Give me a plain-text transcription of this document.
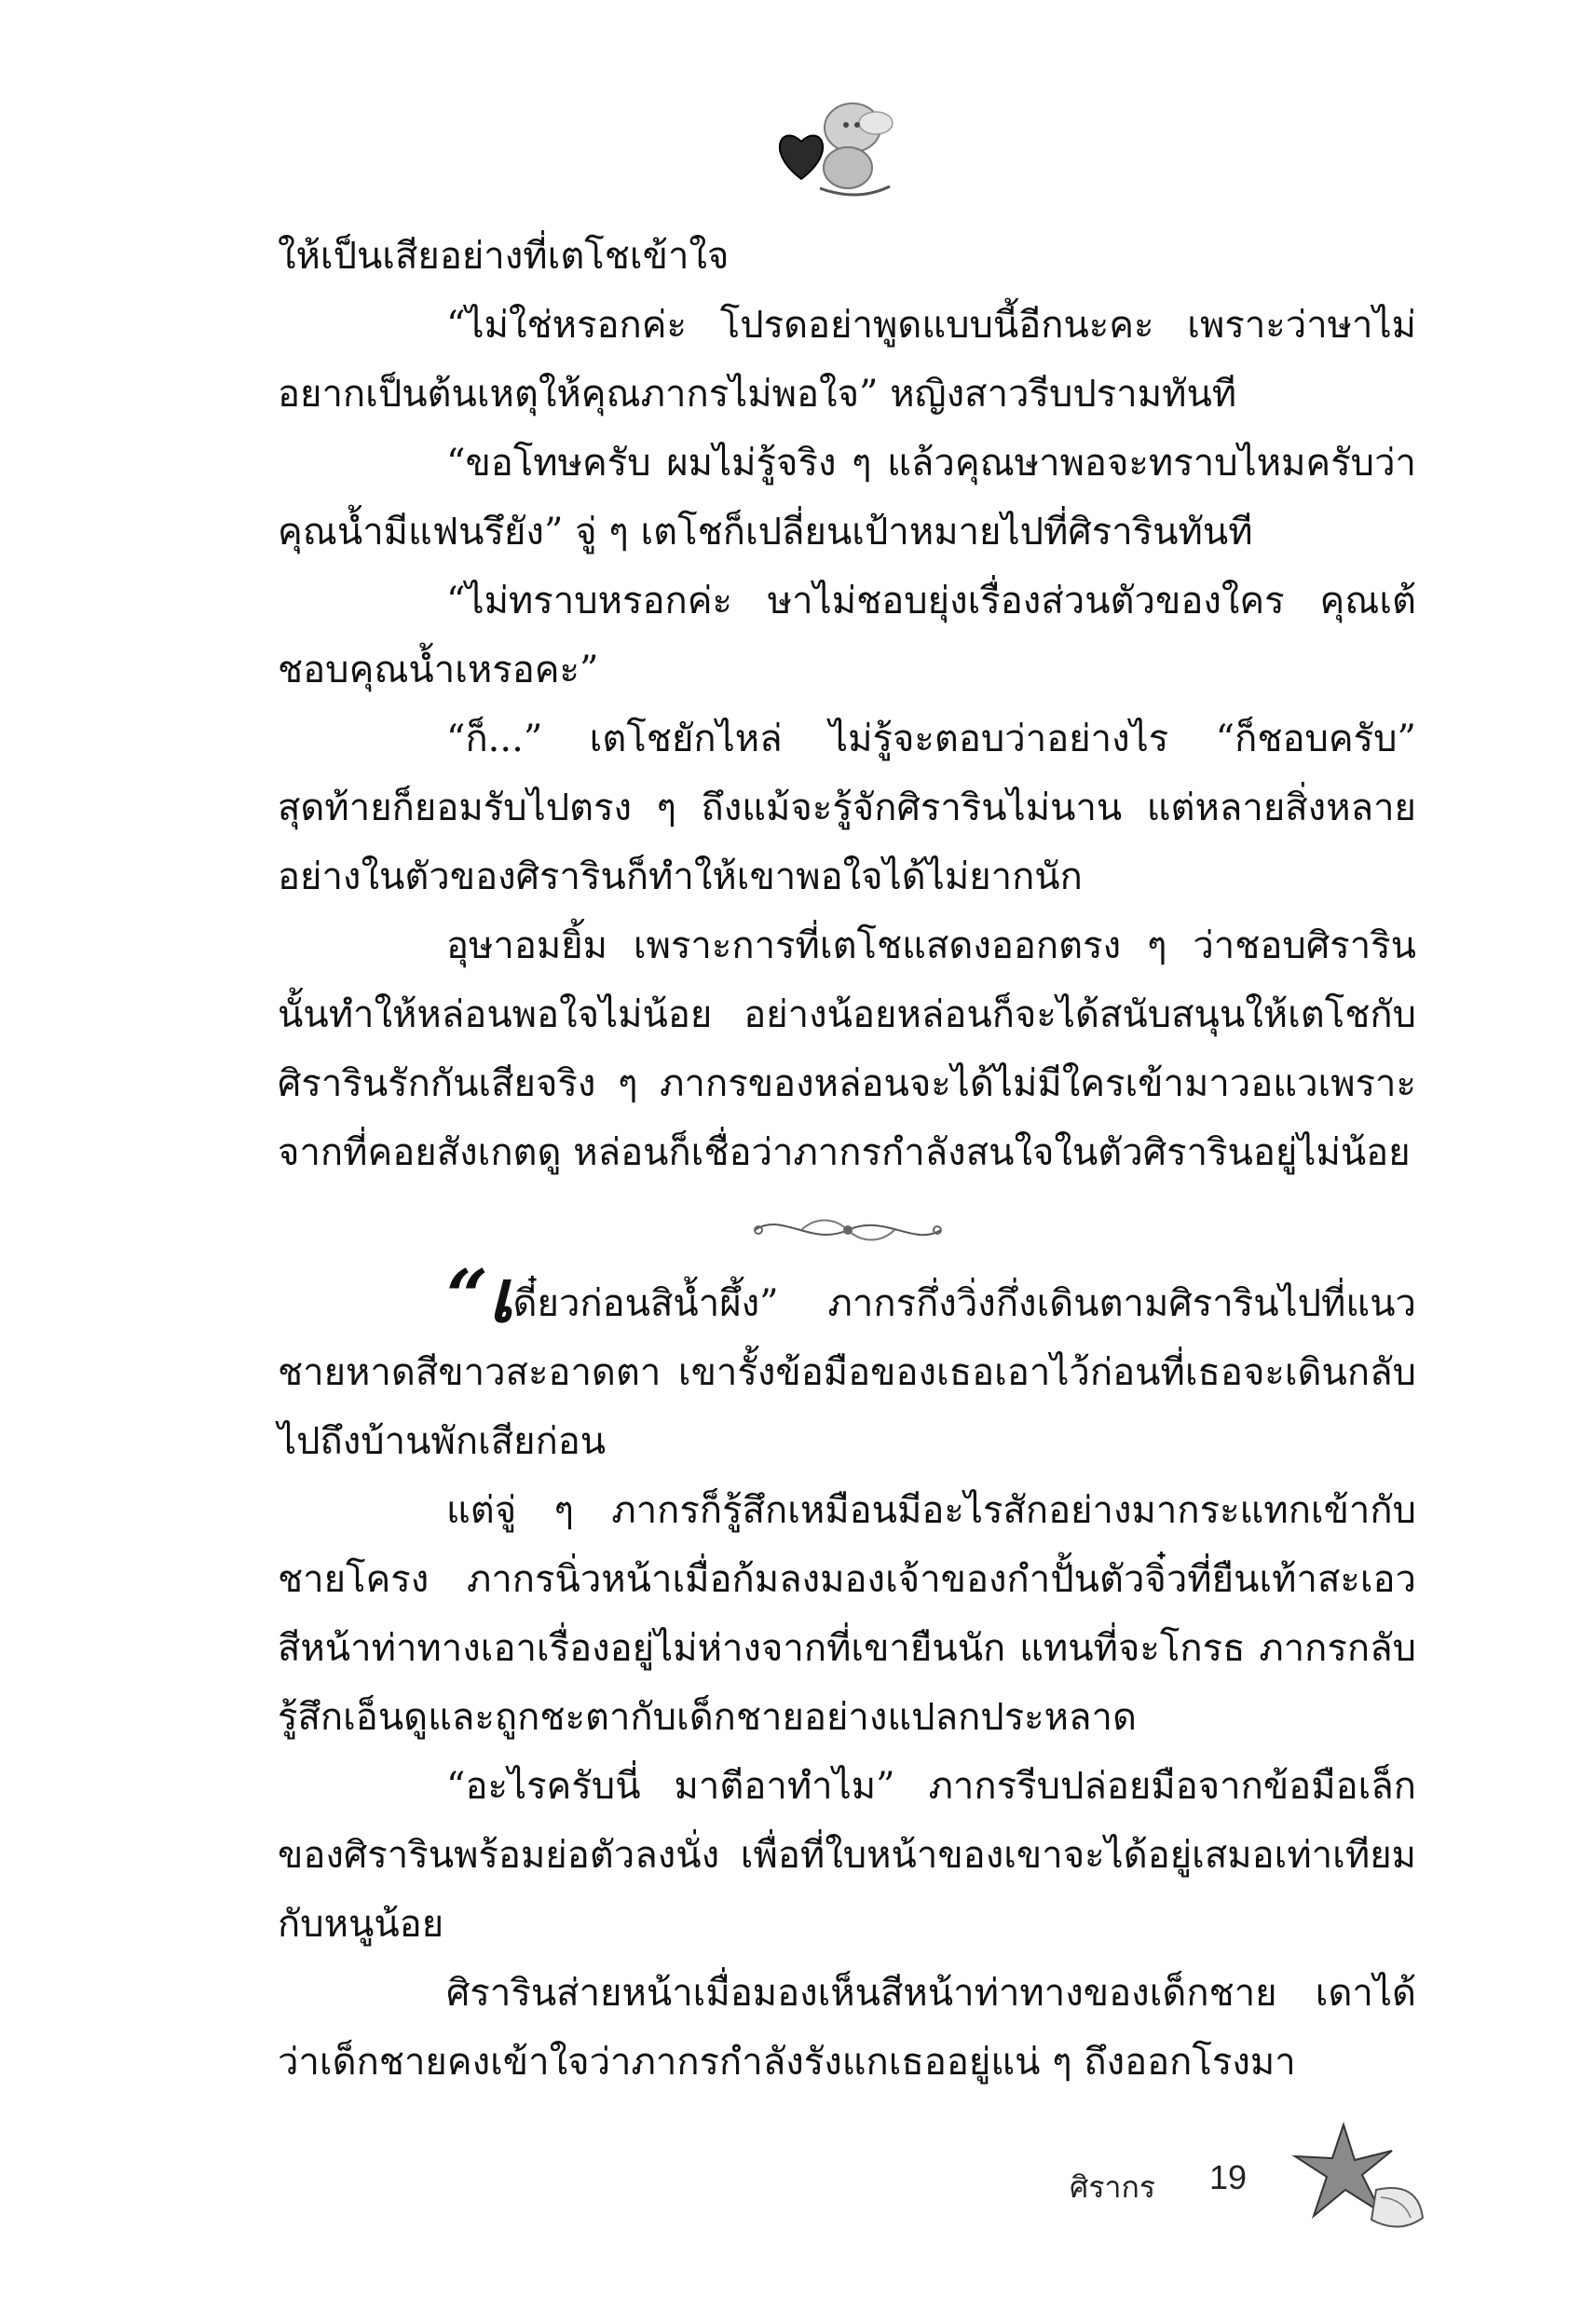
ให้เป็นเสียอย่างที่เตโชเข้าใจ

“ไม่ใช่หรอกค่ะ โปรดอย่าพูดแบบนี้อีกนะคะ เพราะว่าษาไม่อยากเป็นต้นเหตุให้คุณภากรไม่พอใจ” หญิงสาวรีบปรามทันที

“ขอโทษครับ ผมไม่รู้จริง ๆ แล้วคุณษาพอจะทราบไหมครับว่าคุณน้ำมีแฟนรึยัง” จู่ ๆ เตโชก็เปลี่ยนเป้าหมายไปที่ศิรารินทันที

“ไม่ทราบหรอกค่ะ ษาไม่ชอบยุ่งเรื่องส่วนตัวของใคร คุณเต้ชอบคุณน้ำเหรอคะ”

“ก็...” เตโชยักไหล่ ไม่รู้จะตอบว่าอย่างไร “ก็ชอบครับ” สุดท้ายก็ยอมรับไปตรง ๆ ถึงแม้จะรู้จักศิรารินไม่นาน แต่หลายสิ่งหลายอย่างในตัวของศิรารินก็ทำให้เขาพอใจได้ไม่ยากนัก

อุษาอมยิ้ม เพราะการที่เตโชแสดงออกตรง ๆ ว่าชอบศิรารินนั้นทำให้หล่อนพอใจไม่น้อย อย่างน้อยหล่อนก็จะได้สนับสนุนให้เตโชกับศิรารินรักกันเสียจริง ๆ ภากรของหล่อนจะได้ไม่มีใครเข้ามาวอแวเพราะจากที่คอยสังเกตดู หล่อนก็เชื่อว่าภากรกำลังสนใจในตัวศิรารินอยู่ไม่น้อย

“เดี๋ยวก่อนสิน้ำผึ้ง” ภากรกึ่งวิ่งกึ่งเดินตามศิรารินไปที่แนวชายหาดสีขาวสะอาดตา เขารั้งข้อมือของเธอเอาไว้ก่อนที่เธอจะเดินกลับไปถึงบ้านพักเสียก่อน

แต่จู่ ๆ ภากรก็รู้สึกเหมือนมีอะไรสักอย่างมากระแทกเข้ากับชายโครง ภากรนิ่วหน้าเมื่อก้มลงมองเจ้าของกำปั้นตัวจิ๋วที่ยืนเท้าสะเอวสีหน้าท่าทางเอาเรื่องอยู่ไม่ห่างจากที่เขายืนนัก แทนที่จะโกรธ ภากรกลับรู้สึกเอ็นดูและถูกชะตากับเด็กชายอย่างแปลกประหลาด

“อะไรครับนี่ มาตีอาทำไม” ภากรรีบปล่อยมือจากข้อมือเล็กของศิรารินพร้อมย่อตัวลงนั่ง เพื่อที่ใบหน้าของเขาจะได้อยู่เสมอเท่าเทียมกับหนูน้อย

ศิรารินส่ายหน้าเมื่อมองเห็นสีหน้าท่าทางของเด็กชาย เดาได้ว่าเด็กชายคงเข้าใจว่าภากรกำลังรังแกเธออยู่แน่ ๆ ถึงออกโรงมา

ศิรากร 19
